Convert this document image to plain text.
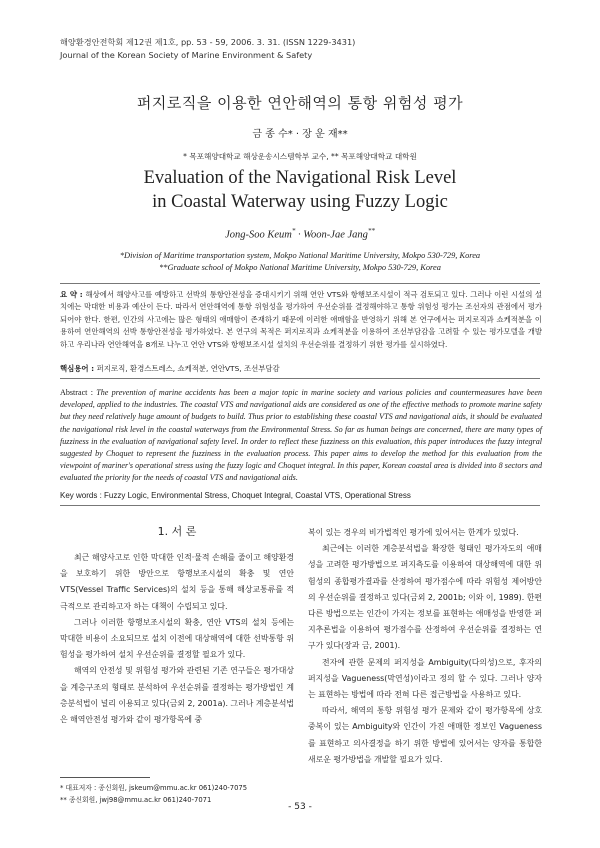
해양환경안전학회 제12권 제1호, pp. 53 - 59, 2006. 3. 31. (ISSN 1229-3431)
Journal of the Korean Society of Marine Environment & Safety
퍼지로직을 이용한 연안해역의 통항 위험성 평가
금 종 수* · 장 운 재**
* 목포해양대학교 해상운송시스템학부 교수, ** 목포해양대학교 대학원
Evaluation of the Navigational Risk Level
in Coastal Waterway using Fuzzy Logic
Jong-Soo Keum* · Woon-Jae Jang**
*Division of Maritime transportation system, Mokpo National Maritime University, Mokpo 530-729, Korea
**Graduate school of Mokpo National Maritime University, Mokpo 530-729, Korea
요 약 : 해상에서 해양사고를 예방하고 선박의 통항안전성을 증대시키기 위해 연안 VTS와 항행보조시설이 적극 검토되고 있다. 그러나 이런 시설의 설치에는 막대한 비용과 예산이 든다. 따라서 연안해역에 통항 위험성을 평가하여 우선순위를 결정해야하고 통항 위험성 평가는 조선자의 관점에서 평가되어야 한다. 한편, 인간의 사고에는 많은 형태의 애매함이 존재하기 때문에 이러한 애매함을 반영하기 위해 본 연구에서는 퍼지로직과 쇼케적분을 이용하여 연안해역의 선박 통항안전성을 평가하였다. 본 연구의 목적은 퍼지로직과 쇼케적분을 이용하여 조선부담감을 고려할 수 있는 평가모델을 개발하고 우리나라 연안해역을 8개로 나누고 연안 VTS와 항행보조시설 설치의 우선순위를 결정하기 위한 평가를 실시하였다.
핵심용어 : 퍼지로직, 환경스트레스, 쇼케적분, 연안VTS, 조선부담감
Abstract : The prevention of marine accidents has been a major topic in marine society and various policies and countermeasures have been developed, applied to the industries. The coastal VTS and navigational aids are considered as one of the effective methods to promote marine safety but they need relatively huge amount of budgets to build. Thus prior to establishing these coastal VTS and navigational aids, it should be evaluated the navigational risk level in the coastal waterways from the Environmental Stress. So far as human beings are concerned, there are many types of fuzziness in the evaluation of navigational safety level. In order to reflect these fuzziness on this evaluation, this paper introduces the fuzzy integral suggested by Choquet to represent the fuzziness in the evaluation process. This paper aims to develop the method for this evaluation from the viewpoint of mariner's operational stress using the fuzzy logic and Choquet integral. In this paper, Korean coastal area is divided into 8 sectors and evaluated the priority for the needs of coastal VTS and navigational aids.
Key words : Fuzzy Logic, Environmental Stress, Choquet Integral, Coastal VTS, Operational Stress
1. 서 론

최근 해양사고로 인한 막대한 인적·물적 손해를 줄이고 해양환경을 보호하기 위한 방안으로 항행보조시설의 확충 및 연안 VTS(Vessel Traffic Services)의 설치 등을 통해 해상교통류를 적극적으로 관리하고자 하는 대책이 수립되고 있다.

그러나 이러한 항행보조시설의 확충, 연안 VTS의 설치 등에는 막대한 비용이 소요되므로 설치 이전에 대상해역에 대한 선박통항 위험성을 평가하여 설치 우선순위를 결정할 필요가 있다.

해역의 안전성 및 위험성 평가와 관련된 기존 연구들은 평가대상을 계층구조의 형태로 분석하여 우선순위를 결정하는 평가방법인 계층분석법이 널리 이용되고 있다(금외 2, 2001a). 그러나 계층분석법은 해역안전성 평가와 같이 평가항목에 중

복이 있는 경우의 비가법적인 평가에 있어서는 한계가 있었다.

최근에는 이러한 계층분석법을 확장한 형태인 평가자도의 애매성을 고려한 평가방법으로 퍼지측도를 이용하여 대상해역에 대한 위험성의 종합평가결과를 산정하여 평가점수에 따라 위험성 제어방안의 우선순위를 결정하고 있다(금외 2, 2001b; 이와 이, 1989). 한편 다른 방법으로는 인간이 가지는 정보를 표현하는 애매성을 반영한 퍼지추론법을 이용하여 평가점수를 산정하여 우선순위를 결정하는 연구가 있다(장과 금, 2001).

전자에 관한 문제의 퍼지성을 Ambiguity(다의성)으로, 후자의 퍼지성을 Vagueness(막연성)이라고 정의 할 수 있다. 그러나 양자는 표현하는 방법에 따라 전혀 다른 접근방법을 사용하고 있다.

따라서, 해역의 통항 위험성 평가 문제와 같이 평가항목에 상호 중복이 있는 Ambiguity와 인간이 가진 애매한 정보인 Vagueness를 표현하고 의사결정을 하기 위한 방법에 있어서는 양자를 통합한 새로운 평가방법을 개발할 필요가 있다.

* 대표저자 : 종신회원, jskeum@mmu.ac.kr 061)240-7075
** 종신회원, jwj98@mmu.ac.kr 061)240-7071
- 53 -
